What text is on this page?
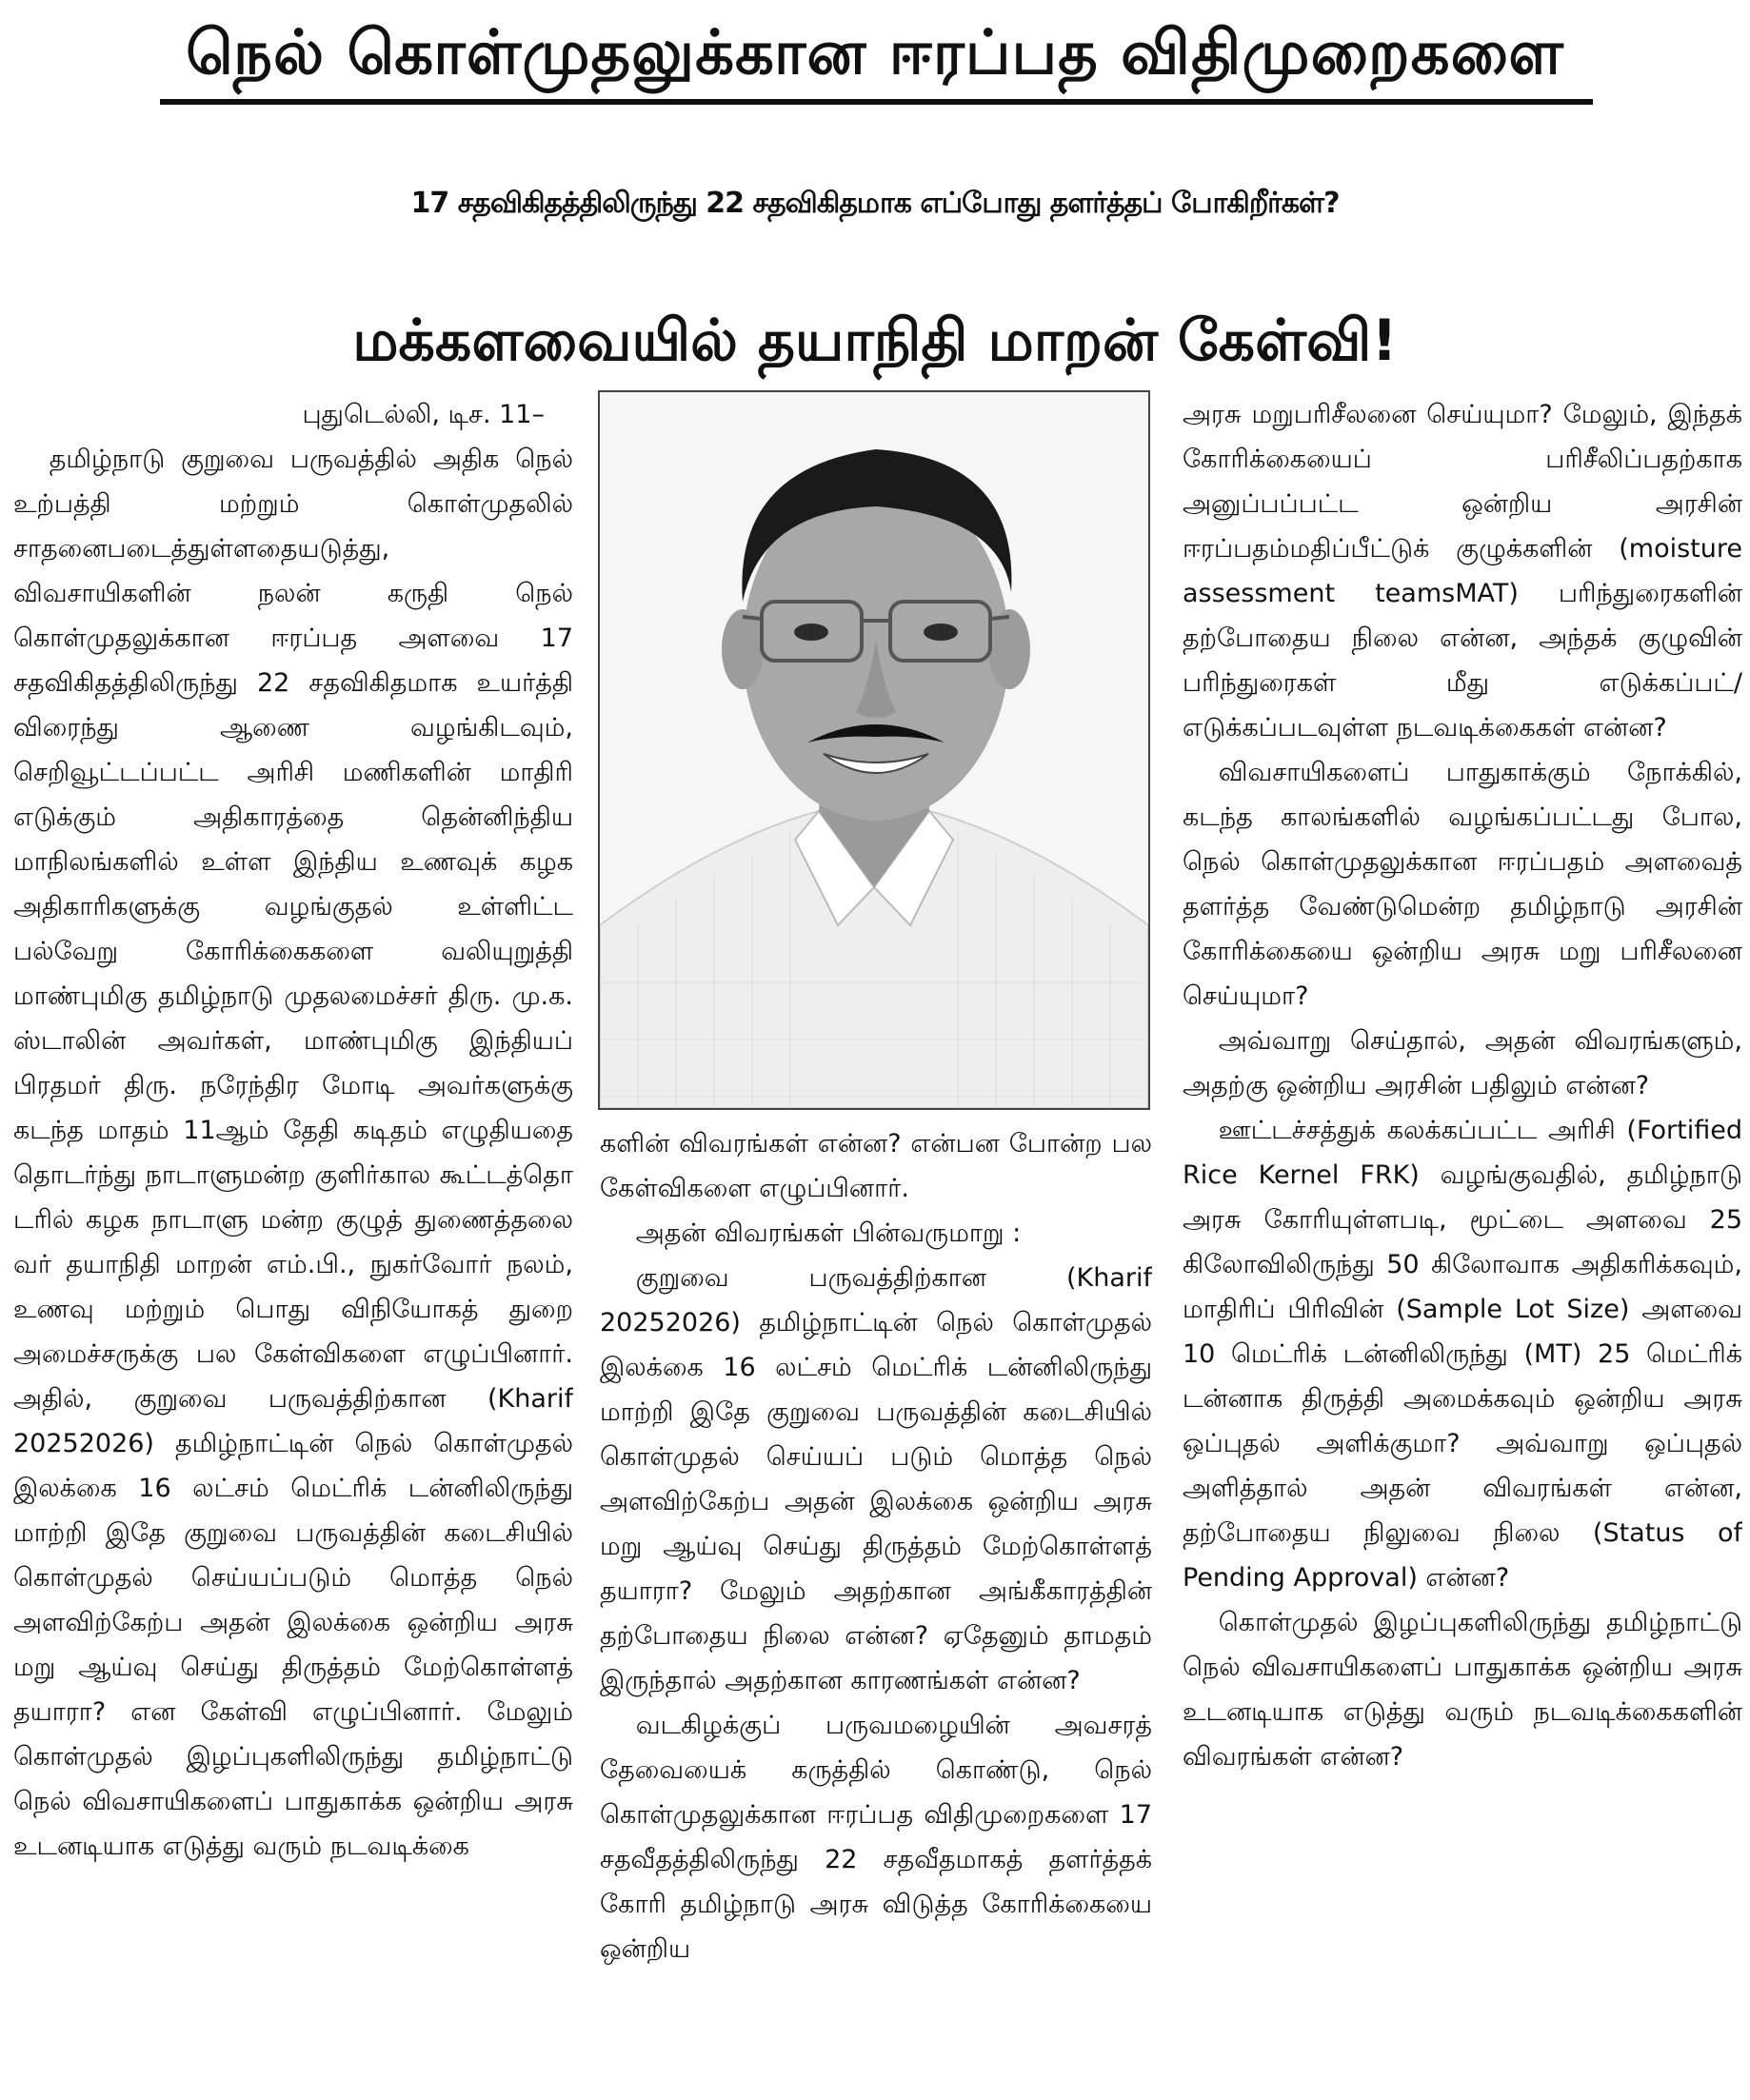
நெல் கொள்முதலுக்கான ஈரப்பத விதிமுறைகளை
17 சதவிகிதத்திலிருந்து 22 சதவிகிதமாக எப்போது தளர்த்தப் போகிறீர்கள்?
மக்களவையில் தயாநிதி மாறன் கேள்வி!

புதுடெல்லி, டிச. 11–

தமிழ்நாடு குறுவை பருவத்தில் அதிக நெல் உற்பத்தி மற்றும் கொள்முதலில் சாதனைபடைத்துள்ளதையடுத்து, விவசாயிகளின் நலன் கருதி நெல் கொள்முதலுக்கான ஈரப்பத அளவை 17 சதவிகிதத்திலிருந்து 22 சதவிகிதமாக உயர்த்தி விரைந்து ஆணை வழங்கிடவும், செறிவூட்டப்பட்ட அரிசி மணிகளின் மாதிரி எடுக்கும் அதிகாரத்தை தென்னிந்திய மாநிலங்களில் உள்ள இந்திய உணவுக் கழக அதிகாரிகளுக்கு வழங்குதல் உள்ளிட்ட பல்வேறு கோரிக்கைகளை வலியுறுத்தி மாண்புமிகு தமிழ்நாடு முதலமைச்சர் திரு. மு.க. ஸ்டாலின் அவர்கள், மாண்புமிகு இந்தியப் பிரதமர் திரு. நரேந்திர மோடி அவர்களுக்கு கடந்த மாதம் 11ஆம் தேதி கடிதம் எழுதியதை தொடர்ந்து நாடாளுமன்ற குளிர்கால கூட்டத்தொ டரில் கழக நாடாளு மன்ற குழுத் துணைத்தலை வர் தயாநிதி மாறன் எம்.பி., நுகர்வோர் நலம், உணவு மற்றும் பொது விநியோகத் துறை அமைச்சருக்கு பல கேள்விகளை எழுப்பினார். அதில், குறுவை பருவத்திற்கான (Kharif 20252026) தமிழ்நாட்டின் நெல் கொள்முதல் இலக்கை 16 லட்சம் மெட்ரிக் டன்னிலிருந்து மாற்றி இதே குறுவை பருவத்தின் கடைசியில் கொள்முதல் செய்யப்படும் மொத்த நெல் அளவிற்கேற்ப அதன் இலக்கை ஒன்றிய அரசு மறு ஆய்வு செய்து திருத்தம் மேற்கொள்ளத் தயாரா? என கேள்வி எழுப்பினார். மேலும் கொள்முதல் இழப்புகளிலிருந்து தமிழ்நாட்டு நெல் விவசாயிகளைப் பாதுகாக்க ஒன்றிய அரசு உடனடியாக எடுத்து வரும் நடவடிக்கை

களின் விவரங்கள் என்ன? என்பன போன்ற பல கேள்விகளை எழுப்பினார்.

அதன் விவரங்கள் பின்வருமாறு :

குறுவை பருவத்திற்கான (Kharif 20252026) தமிழ்நாட்டின் நெல் கொள்முதல் இலக்கை 16 லட்சம் மெட்ரிக் டன்னிலிருந்து மாற்றி இதே குறுவை பருவத்தின் கடைசியில் கொள்முதல் செய்யப் படும் மொத்த நெல் அளவிற்கேற்ப அதன் இலக்கை ஒன்றிய அரசு மறு ஆய்வு செய்து திருத்தம் மேற்கொள்ளத் தயாரா? மேலும் அதற்கான அங்கீகாரத்தின் தற்போதைய நிலை என்ன? ஏதேனும் தாமதம் இருந்தால் அதற்கான காரணங்கள் என்ன?

வடகிழக்குப் பருவமழையின் அவசரத் தேவையைக் கருத்தில் கொண்டு, நெல் கொள்முதலுக்கான ஈரப்பத விதிமுறைகளை 17 சதவீதத்திலிருந்து 22 சதவீதமாகத் தளர்த்தக் கோரி தமிழ்நாடு அரசு விடுத்த கோரிக்கையை ஒன்றிய

அரசு மறுபரிசீலனை செய்யுமா? மேலும், இந்தக் கோரிக்கையைப் பரிசீலிப்பதற்காக அனுப்பப்பட்ட ஒன்றிய அரசின் ஈரப்பதம்மதிப்பீட்டுக் குழுக்களின் (moisture assessment teamsMAT) பரிந்துரைகளின் தற்போதைய நிலை என்ன, அந்தக் குழுவின் பரிந்துரைகள் மீது எடுக்கப்பட்/எடுக்கப்படவுள்ள நடவடிக்கைகள் என்ன?

விவசாயிகளைப் பாதுகாக்கும் நோக்கில், கடந்த காலங்களில் வழங்கப்பட்டது போல, நெல் கொள்முதலுக்கான ஈரப்பதம் அளவைத் தளர்த்த வேண்டுமென்ற தமிழ்நாடு அரசின் கோரிக்கையை ஒன்றிய அரசு மறு பரிசீலனை செய்யுமா?

அவ்வாறு செய்தால், அதன் விவரங்களும், அதற்கு ஒன்றிய அரசின் பதிலும் என்ன?

ஊட்டச்சத்துக் கலக்கப்பட்ட அரிசி (Fortified Rice Kernel FRK) வழங்குவதில், தமிழ்நாடு அரசு கோரியுள்ளபடி, மூட்டை அளவை 25 கிலோவிலிருந்து 50 கிலோவாக அதிகரிக்கவும், மாதிரிப் பிரிவின் (Sample Lot Size) அளவை 10 மெட்ரிக் டன்னிலிருந்து (MT) 25 மெட்ரிக் டன்னாக திருத்தி அமைக்கவும் ஒன்றிய அரசு ஒப்புதல் அளிக்குமா? அவ்வாறு ஒப்புதல் அளித்தால் அதன் விவரங்கள் என்ன, தற்போதைய நிலுவை நிலை (Status of Pending Approval) என்ன?

கொள்முதல் இழப்புகளிலிருந்து தமிழ்நாட்டு நெல் விவசாயிகளைப் பாதுகாக்க ஒன்றிய அரசு உடனடியாக எடுத்து வரும் நடவடிக்கைகளின் விவரங்கள் என்ன?
